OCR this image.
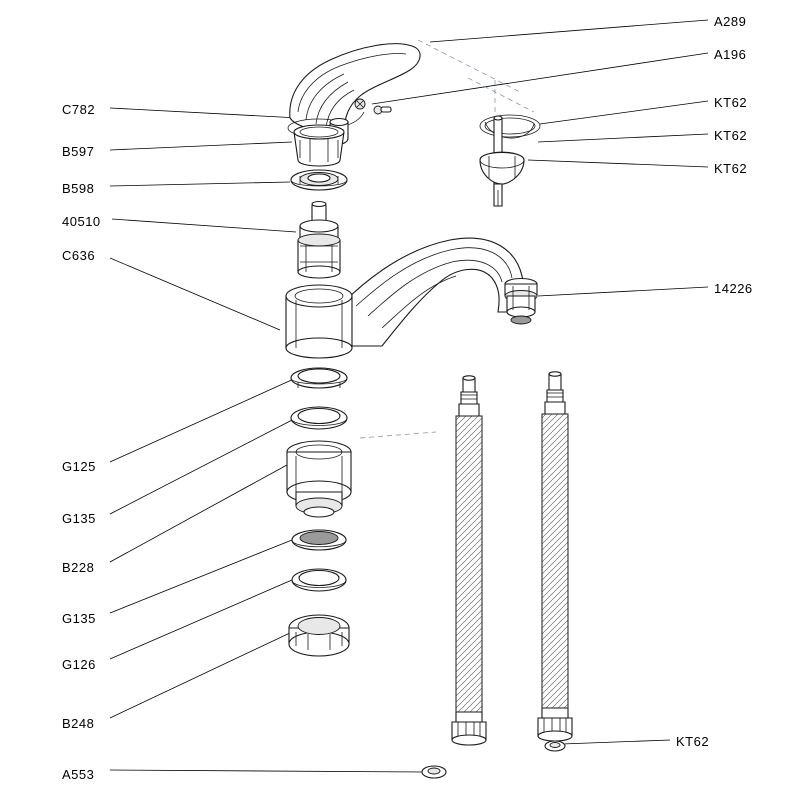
C782
B597
B598
40510
C636
G125
G135
B228
G135
G126
B248
A553
A289
A196
KT62
KT62
KT62
14226
KT62
